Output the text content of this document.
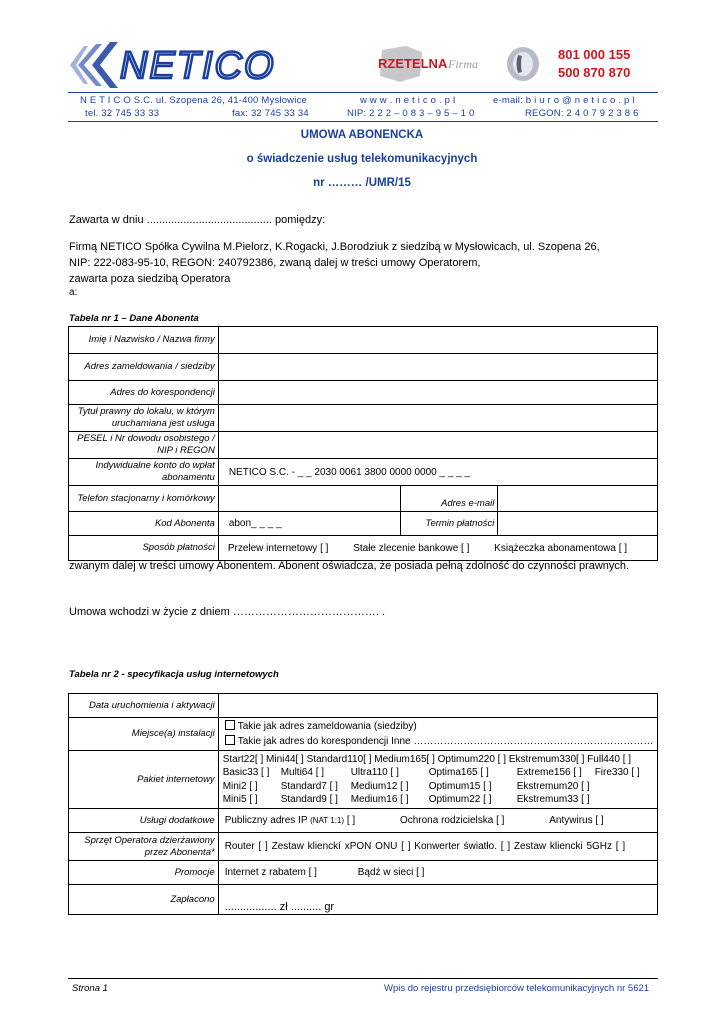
NETICO	RZETELNA Firma
801 000 155
500 870 870
N E T I C O S.C. ul. Szopena 26, 41-400 Mysłowice	w w w . n e t i c o . p l	e-mail: b i u r o @ n e t i c o . p l
tel. 32 745 33 33	fax: 32 745 33 34	NIP: 2 2 2 – 0 8 3 – 9 5 – 1 0	REGON: 2 4 0 7 9 2 3 8 6
UMOWA ABONENCKA
o świadczenie usług telekomunikacyjnych
nr ……… /UMR/15
Zawarta w dniu ......................................... pomiędzy:
Firmą NETICO Spółka Cywilna M.Pielorz, K.Rogacki, J.Borodziuk z siedzibą w Mysłowicach, ul. Szopena 26,
NIP: 222-083-95-10, REGON: 240792386, zwaną dalej w treści umowy Operatorem,
zawarta poza siedzibą Operatora
a:
Tabela nr 1 – Dane Abonenta
Imię i Nazwisko / Nazwa firmy			
Adres zameldowania / siedziby			
Adres do korespondencji			
Tytuł prawny do lokalu, w którym uruchamiana jest usługa			
PESEL i Nr dowodu osobistego / NIP i REGON			
Indywidualne konto do wpłat abonamentu	NETICO S.C. - _ _ 2030 0061 3800 0000 0000 _ _ _ _		
Telefon stacjonarny i komórkowy		Adres e-mail	
Kod Abonenta	abon_ _ _ _	Termin płatności	
Sposób płatności	Przelew internetowy [ ] Stałe zlecenie bankowe [ ] Książeczka abonamentowa [ ]		
zwanym dalej w treści umowy Abonentem. Abonent oświadcza, że posiada pełną zdolność do czynności prawnych.
Umowa wchodzi w życie z dniem …………………………………. .
Tabela nr 2 - specyfikacja usług internetowych
Data uruchomienia i aktywacji	
Miejsce(a) instalacji	Takie jak adres zameldowania (siedziby)
Takie jak adres do korespondencji Inne ………………………………………………………………

Pakiet internetowy	Start22[ ] Mini44[ ] Standard110[ ] Medium165[ ] Optimum220 [ ] Ekstremum330[ ] Full440 [ ]
Basic33 [ ] Multi64 [ ] Ultra110 [ ] Optima165 [ ] Extreme156 [ ] Fire330 [ ]
Mini2 [ ] Standard7 [ ] Medium12 [ ] Optimum15 [ ] Ekstremum20 [ ]
Mini5 [ ] Standard9 [ ] Medium16 [ ] Optimum22 [ ] Ekstremum33 [ ]

Usługi dodatkowe	Publiczny adres IP (NAT 1:1) [ ] Ochrona rodzicielska [ ] Antywirus [ ]
Sprzęt Operatora dzierżawiony przez Abonenta*	Router [ ] Zestaw klienckí xPON ONU [ ] Konwerter światło. [ ] Zestaw kliencki 5GHz [ ]
Promocje	Internet z rabatem [ ] Bądź w sieci [ ]
Zapłacono	................. zł .......... gr
Strona 1	Wpis do rejestru przedsiębiorców telekomunikacyjnych nr 5621
